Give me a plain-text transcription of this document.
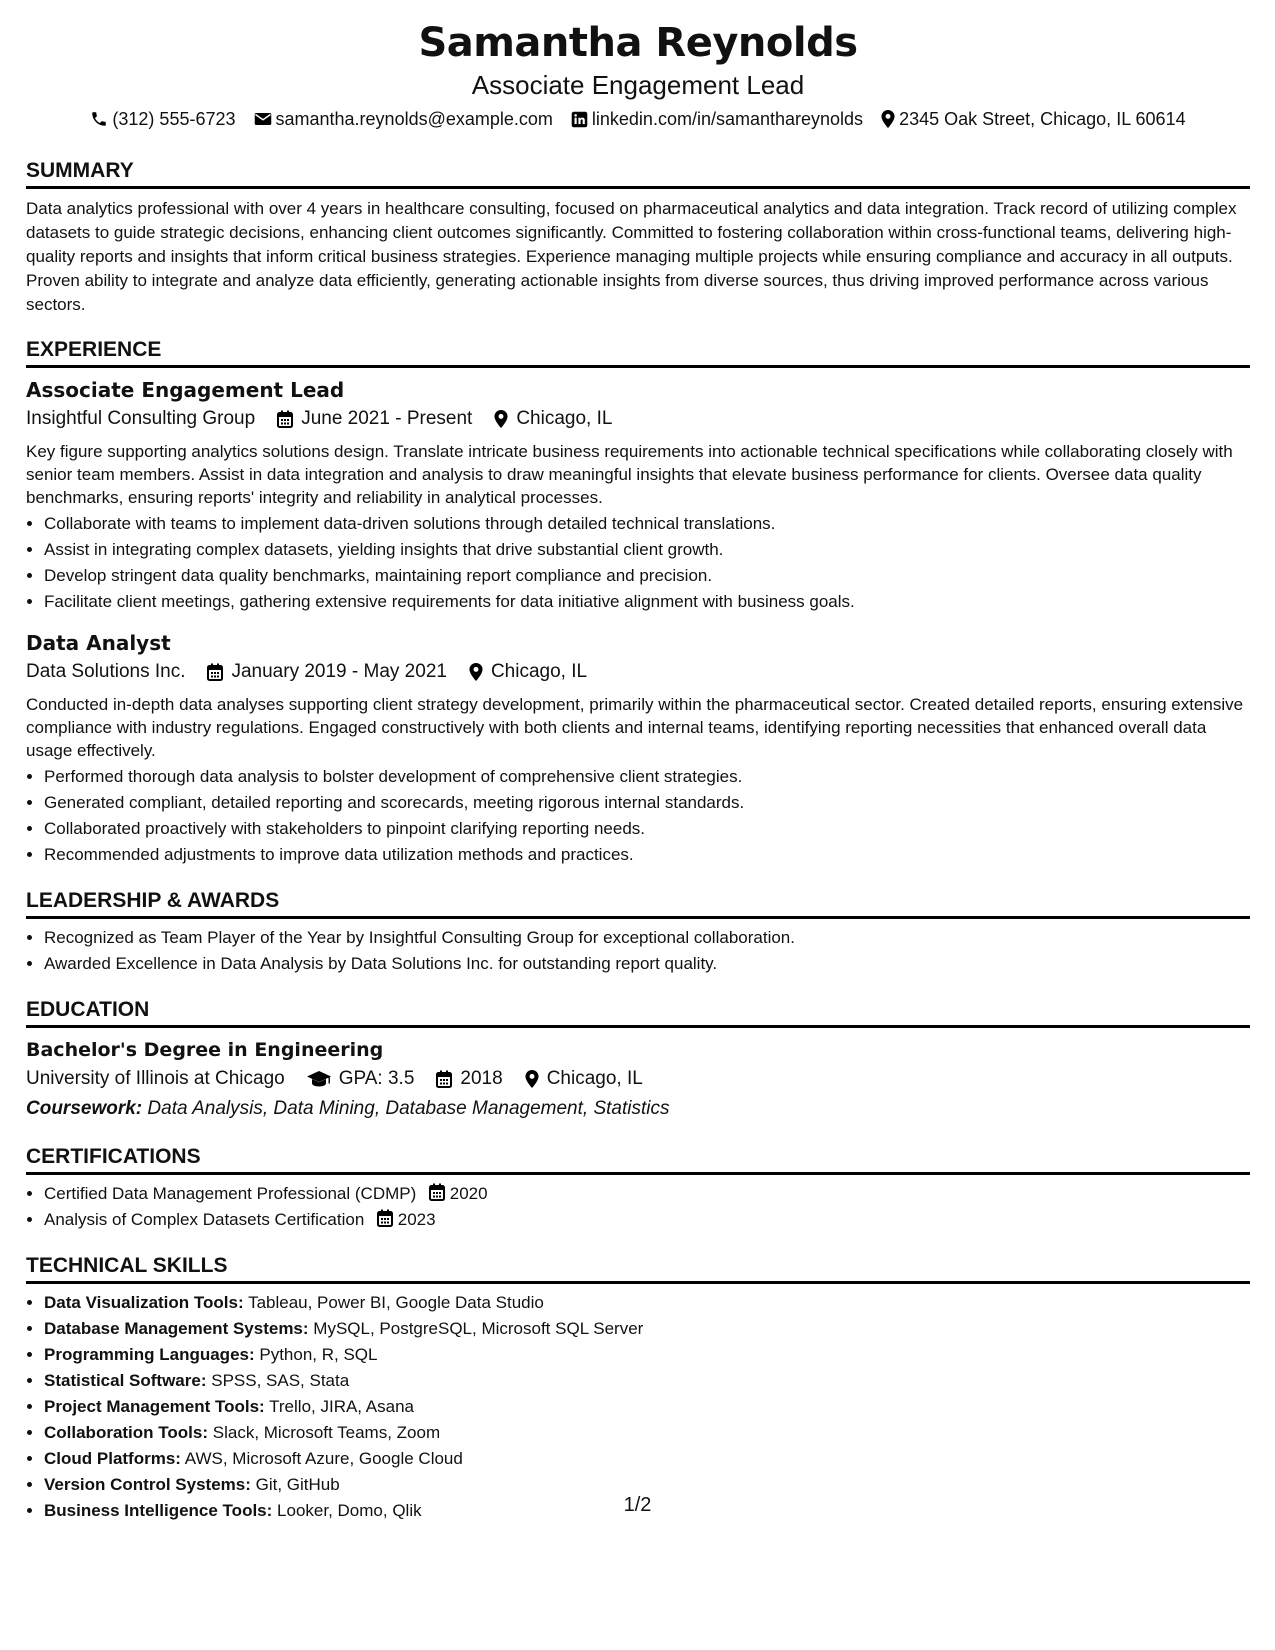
Samantha Reynolds
Associate Engagement Lead
(312) 555-6723 samantha.reynolds@example.com linkedin.com/in/samanthareynolds 2345 Oak Street, Chicago, IL 60614
SUMMARY
Data analytics professional with over 4 years in healthcare consulting, focused on pharmaceutical analytics and data integration. Track record of utilizing complex datasets to guide strategic decisions, enhancing client outcomes significantly. Committed to fostering collaboration within cross-functional teams, delivering high-quality reports and insights that inform critical business strategies. Experience managing multiple projects while ensuring compliance and accuracy in all outputs. Proven ability to integrate and analyze data efficiently, generating actionable insights from diverse sources, thus driving improved performance across various sectors.
EXPERIENCE
Associate Engagement Lead
Insightful Consulting Group June 2021 - Present Chicago, IL
Key figure supporting analytics solutions design. Translate intricate business requirements into actionable technical specifications while collaborating closely with senior team members. Assist in data integration and analysis to draw meaningful insights that elevate business performance for clients. Oversee data quality benchmarks, ensuring reports' integrity and reliability in analytical processes.
• Collaborate with teams to implement data-driven solutions through detailed technical translations.
• Assist in integrating complex datasets, yielding insights that drive substantial client growth.
• Develop stringent data quality benchmarks, maintaining report compliance and precision.
• Facilitate client meetings, gathering extensive requirements for data initiative alignment with business goals.
Data Analyst
Data Solutions Inc. January 2019 - May 2021 Chicago, IL
Conducted in-depth data analyses supporting client strategy development, primarily within the pharmaceutical sector. Created detailed reports, ensuring extensive compliance with industry regulations. Engaged constructively with both clients and internal teams, identifying reporting necessities that enhanced overall data usage effectively.
• Performed thorough data analysis to bolster development of comprehensive client strategies.
• Generated compliant, detailed reporting and scorecards, meeting rigorous internal standards.
• Collaborated proactively with stakeholders to pinpoint clarifying reporting needs.
• Recommended adjustments to improve data utilization methods and practices.
LEADERSHIP & AWARDS
• Recognized as Team Player of the Year by Insightful Consulting Group for exceptional collaboration.
• Awarded Excellence in Data Analysis by Data Solutions Inc. for outstanding report quality.
EDUCATION
Bachelor's Degree in Engineering
University of Illinois at Chicago	GPA: 3.5 2018 Chicago, IL
Coursework: Data Analysis, Data Mining, Database Management, Statistics
CERTIFICATIONS
• Certified Data Management Professional (CDMP) 2020
• Analysis of Complex Datasets Certification 2023
TECHNICAL SKILLS
• Data Visualization Tools: Tableau, Power BI, Google Data Studio
• Database Management Systems: MySQL, PostgreSQL, Microsoft SQL Server
• Programming Languages: Python, R, SQL
• Statistical Software: SPSS, SAS, Stata
• Project Management Tools: Trello, JIRA, Asana
• Collaboration Tools: Slack, Microsoft Teams, Zoom
• Cloud Platforms: AWS, Microsoft Azure, Google Cloud
• Version Control Systems: Git, GitHub
• Business Intelligence Tools: Looker, Domo, Qlik	1/2
